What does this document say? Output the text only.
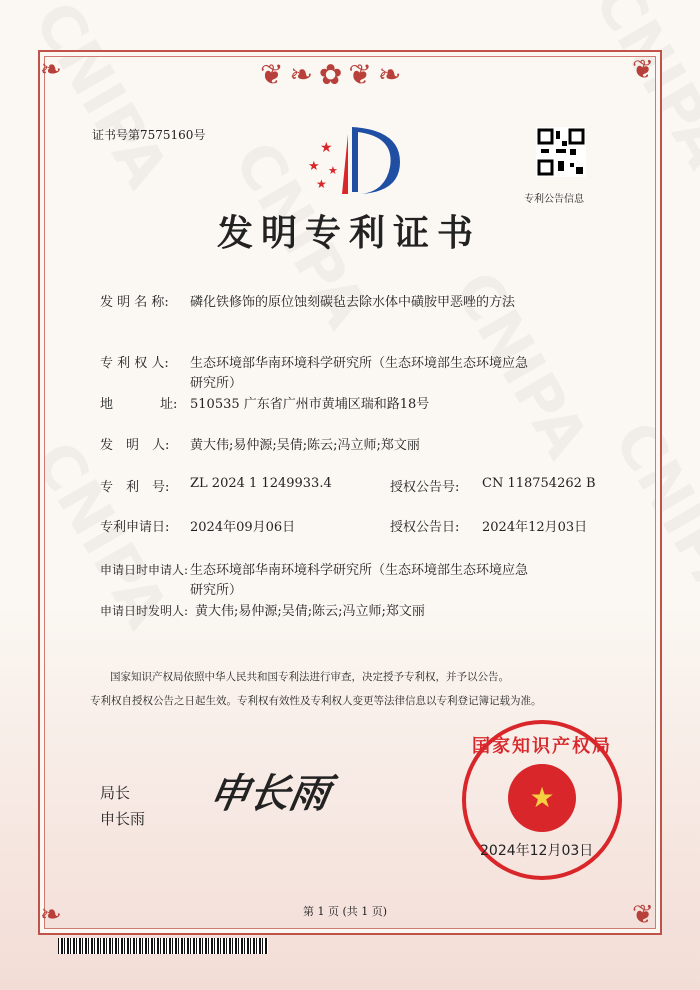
❦❧✿❦❧
❧	❦
❧	❦
证书号第7575160号
★
★ ★
★
专利公告信息
发明专利证书
发 明 名 称: 磷化铁修饰的原位蚀刻碳毡去除水体中磺胺甲恶唑的方法
专 利 权 人: 生态环境部华南环境科学研究所（生态环境部生态环境应急
研究所）
地	址: 510535 广东省广州市黄埔区瑞和路18号
发　明　人: 黄大伟;易仲源;吴倩;陈云;冯立师;郑文丽
专　利　号: ZL 2024 1 1249933.4	授权公告号: CN 118754262 B
专利申请日: 2024年09月06日	授权公告日: 2024年12月03日
申请日时申请人: 生态环境部华南环境科学研究所（生态环境部生态环境应急
研究所）
申请日时发明人: 黄大伟;易仲源;吴倩;陈云;冯立师;郑文丽
国家知识产权局依照中华人民共和国专利法进行审查，决定授予专利权，并予以公告。
专利权自授权公告之日起生效。专利权有效性及专利权人变更等法律信息以专利登记簿记载为准。
局长
申长雨
申长雨
国家知识产权局
★
2024年12月03日
第 1 页 (共 1 页)
